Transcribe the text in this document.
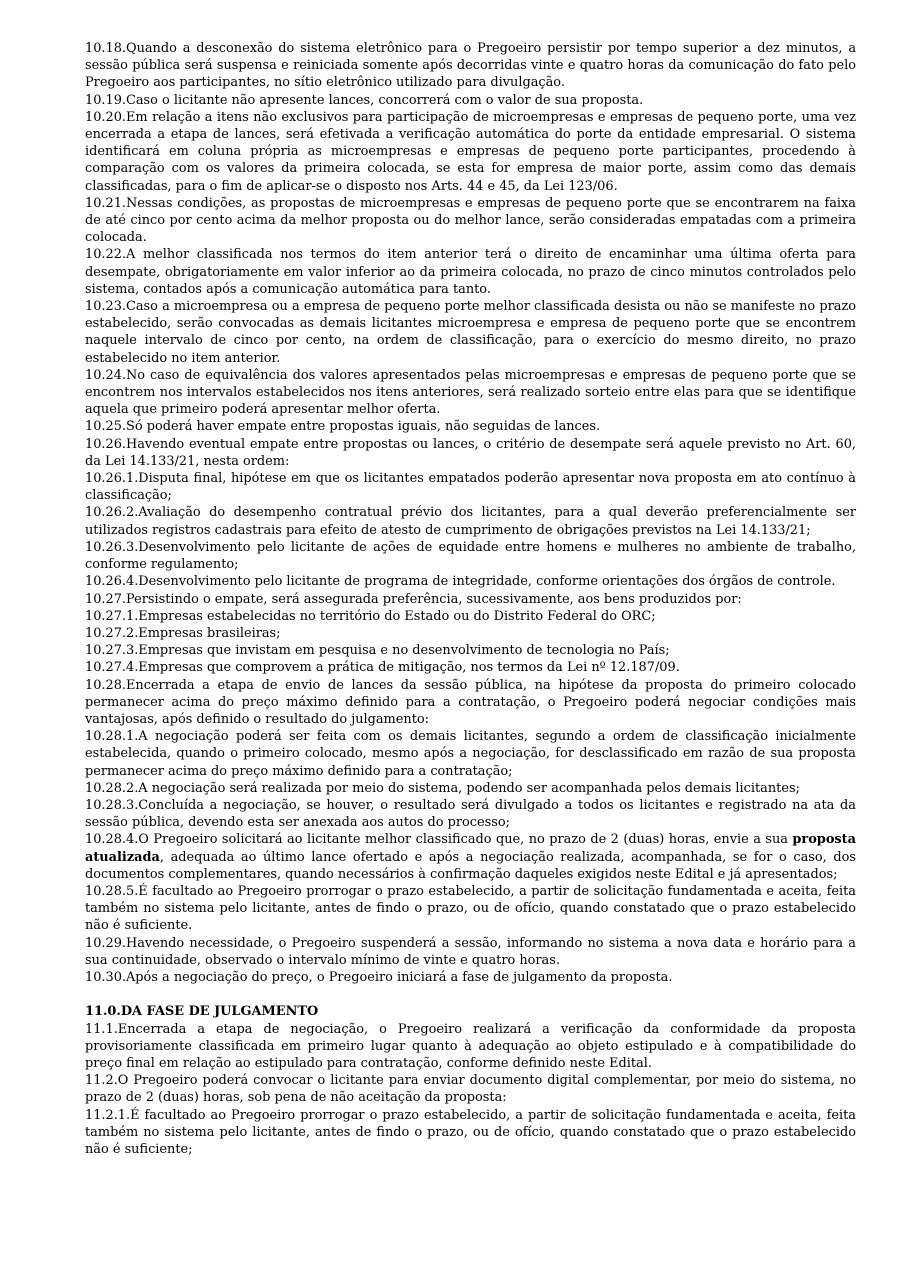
10.18.Quando a desconexão do sistema eletrônico para o Pregoeiro persistir por tempo superior a dez minutos, a sessão pública será suspensa e reiniciada somente após decorridas vinte e quatro horas da comunicação do fato pelo Pregoeiro aos participantes, no sítio eletrônico utilizado para divulgação.

10.19.Caso o licitante não apresente lances, concorrerá com o valor de sua proposta.

10.20.Em relação a itens não exclusivos para participação de microempresas e empresas de pequeno porte, uma vez encerrada a etapa de lances, será efetivada a verificação automática do porte da entidade empresarial. O sistema identificará em coluna própria as microempresas e empresas de pequeno porte participantes, procedendo à comparação com os valores da primeira colocada, se esta for empresa de maior porte, assim como das demais classificadas, para o fim de aplicar-se o disposto nos Arts. 44 e 45, da Lei 123/06.

10.21.Nessas condições, as propostas de microempresas e empresas de pequeno porte que se encontrarem na faixa de até cinco por cento acima da melhor proposta ou do melhor lance, serão consideradas empatadas com a primeira colocada.

10.22.A melhor classificada nos termos do item anterior terá o direito de encaminhar uma última oferta para desempate, obrigatoriamente em valor inferior ao da primeira colocada, no prazo de cinco minutos controlados pelo sistema, contados após a comunicação automática para tanto.

10.23.Caso a microempresa ou a empresa de pequeno porte melhor classificada desista ou não se manifeste no prazo estabelecido, serão convocadas as demais licitantes microempresa e empresa de pequeno porte que se encontrem naquele intervalo de cinco por cento, na ordem de classificação, para o exercício do mesmo direito, no prazo estabelecido no item anterior.

10.24.No caso de equivalência dos valores apresentados pelas microempresas e empresas de pequeno porte que se encontrem nos intervalos estabelecidos nos itens anteriores, será realizado sorteio entre elas para que se identifique aquela que primeiro poderá apresentar melhor oferta.

10.25.Só poderá haver empate entre propostas iguais, não seguidas de lances.

10.26.Havendo eventual empate entre propostas ou lances, o critério de desempate será aquele previsto no Art. 60, da Lei 14.133/21, nesta ordem:

10.26.1.Disputa final, hipótese em que os licitantes empatados poderão apresentar nova proposta em ato contínuo à classificação;

10.26.2.Avaliação do desempenho contratual prévio dos licitantes, para a qual deverão preferencialmente ser utilizados registros cadastrais para efeito de atesto de cumprimento de obrigações previstos na Lei 14.133/21;

10.26.3.Desenvolvimento pelo licitante de ações de equidade entre homens e mulheres no ambiente de trabalho, conforme regulamento;

10.26.4.Desenvolvimento pelo licitante de programa de integridade, conforme orientações dos órgãos de controle.

10.27.Persistindo o empate, será assegurada preferência, sucessivamente, aos bens produzidos por:

10.27.1.Empresas estabelecidas no território do Estado ou do Distrito Federal do ORC;

10.27.2.Empresas brasileiras;

10.27.3.Empresas que invistam em pesquisa e no desenvolvimento de tecnologia no País;

10.27.4.Empresas que comprovem a prática de mitigação, nos termos da Lei nº 12.187/09.

10.28.Encerrada a etapa de envio de lances da sessão pública, na hipótese da proposta do primeiro colocado permanecer acima do preço máximo definido para a contratação, o Pregoeiro poderá negociar condições mais vantajosas, após definido o resultado do julgamento:

10.28.1.A negociação poderá ser feita com os demais licitantes, segundo a ordem de classificação inicialmente estabelecida, quando o primeiro colocado, mesmo após a negociação, for desclassificado em razão de sua proposta permanecer acima do preço máximo definido para a contratação;

10.28.2.A negociação será realizada por meio do sistema, podendo ser acompanhada pelos demais licitantes;

10.28.3.Concluída a negociação, se houver, o resultado será divulgado a todos os licitantes e registrado na ata da sessão pública, devendo esta ser anexada aos autos do processo;

10.28.4.O Pregoeiro solicitará ao licitante melhor classificado que, no prazo de 2 (duas) horas, envie a sua proposta atualizada, adequada ao último lance ofertado e após a negociação realizada, acompanhada, se for o caso, dos documentos complementares, quando necessários à confirmação daqueles exigidos neste Edital e já apresentados;

10.28.5.É facultado ao Pregoeiro prorrogar o prazo estabelecido, a partir de solicitação fundamentada e aceita, feita também no sistema pelo licitante, antes de findo o prazo, ou de ofício, quando constatado que o prazo estabelecido não é suficiente.

10.29.Havendo necessidade, o Pregoeiro suspenderá a sessão, informando no sistema a nova data e horário para a sua continuidade, observado o intervalo mínimo de vinte e quatro horas.

10.30.Após a negociação do preço, o Pregoeiro iniciará a fase de julgamento da proposta.

11.0.DA FASE DE JULGAMENTO

11.1.Encerrada a etapa de negociação, o Pregoeiro realizará a verificação da conformidade da proposta provisoriamente classificada em primeiro lugar quanto à adequação ao objeto estipulado e à compatibilidade do preço final em relação ao estipulado para contratação, conforme definido neste Edital.

11.2.O Pregoeiro poderá convocar o licitante para enviar documento digital complementar, por meio do sistema, no prazo de 2 (duas) horas, sob pena de não aceitação da proposta:

11.2.1.É facultado ao Pregoeiro prorrogar o prazo estabelecido, a partir de solicitação fundamentada e aceita, feita também no sistema pelo licitante, antes de findo o prazo, ou de ofício, quando constatado que o prazo estabelecido não é suficiente;
